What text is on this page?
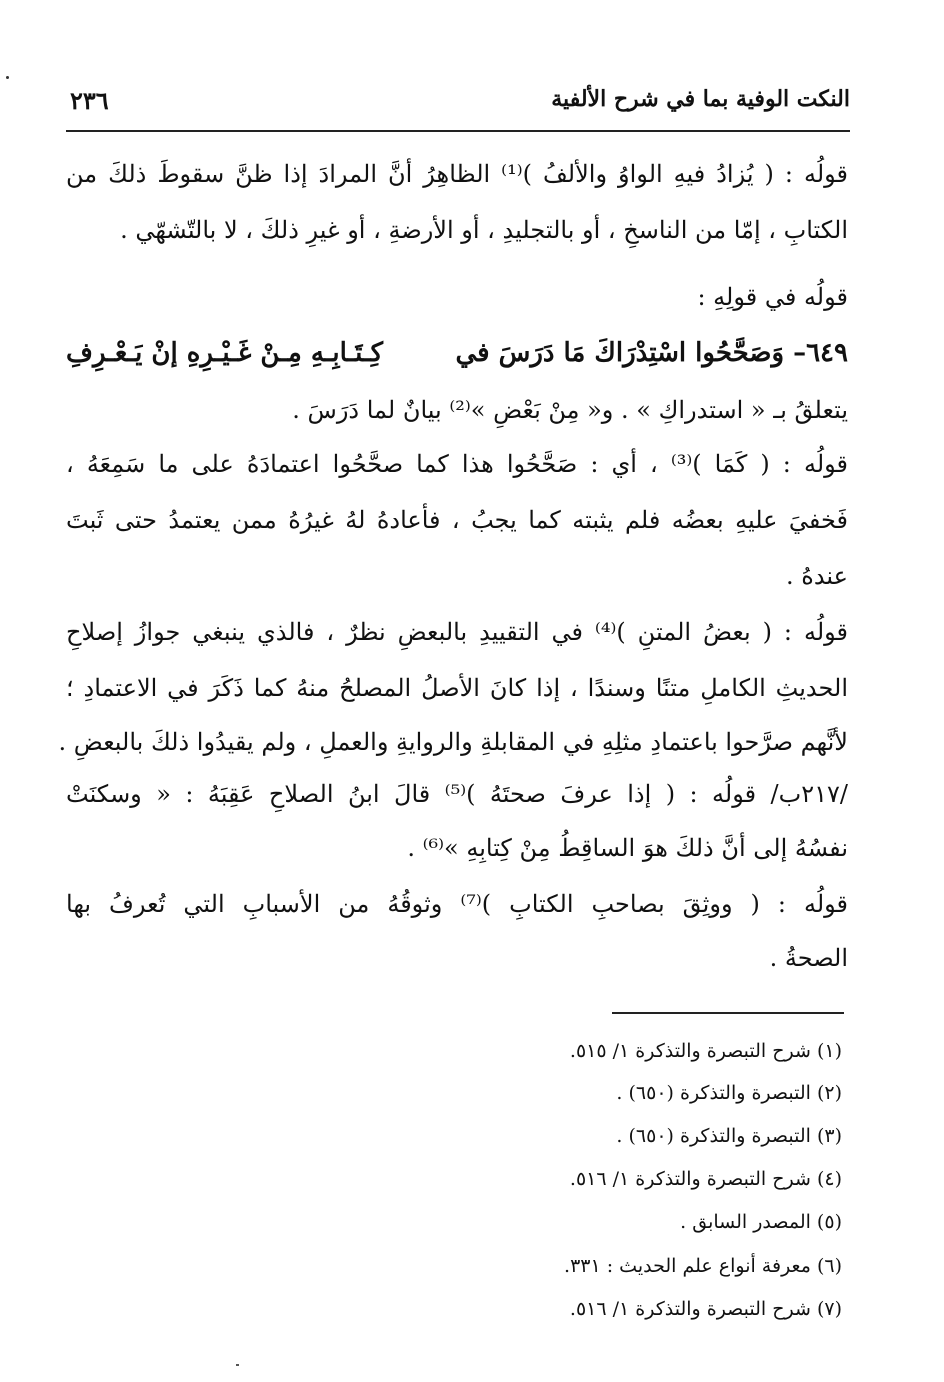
النكت الوفية بما في شرح الألفية
٢٣٦
قولُه : ( يُزادُ فيهِ الواوُ والألفُ )⁽¹⁾ الظاهِرُ أنَّ المرادَ إذا ظنَّ سقوطَ ذلكَ من
الكتابِ ، إمّا من الناسخِ ، أو بالتجليدِ ، أو الأرضةِ ، أو غيرِ ذلكَ ، لا بالتّشهّي .
قولُه في قولِهِ :
٦٤٩– وَصَحَّحُوا اسْتِدْرَاكَ مَا دَرَسَ في
كِـتَـابِـهِ مِـنْ غَـيْـرِهِ إنْ يَـعْـرِفِ
يتعلقُ بـ « استدراكِ » . و« مِنْ بَعْضِ »⁽²⁾ بيانٌ لما دَرَسَ .
قولُه : ( كَمَا )⁽³⁾ ، أي : صَحَّحُوا هذا كما صحَّحُوا اعتمادَهُ على ما سَمِعَهُ ،
فَخفيَ عليهِ بعضُه فلم يثبته كما يجبُ ، فأعادهُ لهُ غيرُهُ ممن يعتمدُ حتى ثَبتَ
عندهُ .
قولُه : ( بعضُ المتنِ )⁽⁴⁾ في التقييدِ بالبعضِ نظرٌ ، فالذي ينبغي جوازُ إصلاحِ
الحديثِ الكاملِ متنًا وسندًا ، إذا كانَ الأصلُ المصلحُ منهُ كما ذَكَرَ في الاعتمادِ ؛
لأنَّهم صرَّحوا باعتمادِ مثلِهِ في المقابلةِ والروايةِ والعملِ ، ولم يقيدُوا ذلكَ بالبعضِ .
/٢١٧ب/ قولُه : ( إذا عرفَ صحتَهُ )⁽⁵⁾ قالَ ابنُ الصلاحِ عَقِبَهُ : « وسكنَتْ
نفسُهُ إلى أنَّ ذلكَ هوَ الساقِطُ مِنْ كِتابِهِ »⁽⁶⁾ .
قولُه : ( ووثِقَ بصاحبِ الكتابِ )⁽⁷⁾ وثوقُهُ من الأسبابِ التي تُعرفُ بها
الصحةُ .
(١) شرح التبصرة والتذكرة ١/ ٥١٥.
(٢) التبصرة والتذكرة (٦٥٠) .
(٣) التبصرة والتذكرة (٦٥٠) .
(٤) شرح التبصرة والتذكرة ١/ ٥١٦.
(٥) المصدر السابق .
(٦) معرفة أنواع علم الحديث : ٣٣١.
(٧) شرح التبصرة والتذكرة ١/ ٥١٦.
